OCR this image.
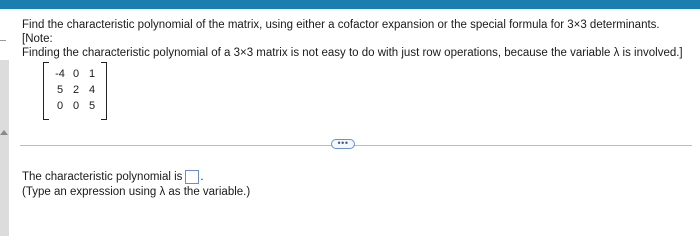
Find the characteristic polynomial of the matrix, using either a cofactor expansion or the special formula for 3×3 determinants. [Note:
Finding the characteristic polynomial of a 3×3 matrix is not easy to do with just row operations, because the variable λ is involved.]
-4 0 1
5 2 4
0 0 5
•••
The characteristic polynomial is .
(Type an expression using λ as the variable.)
